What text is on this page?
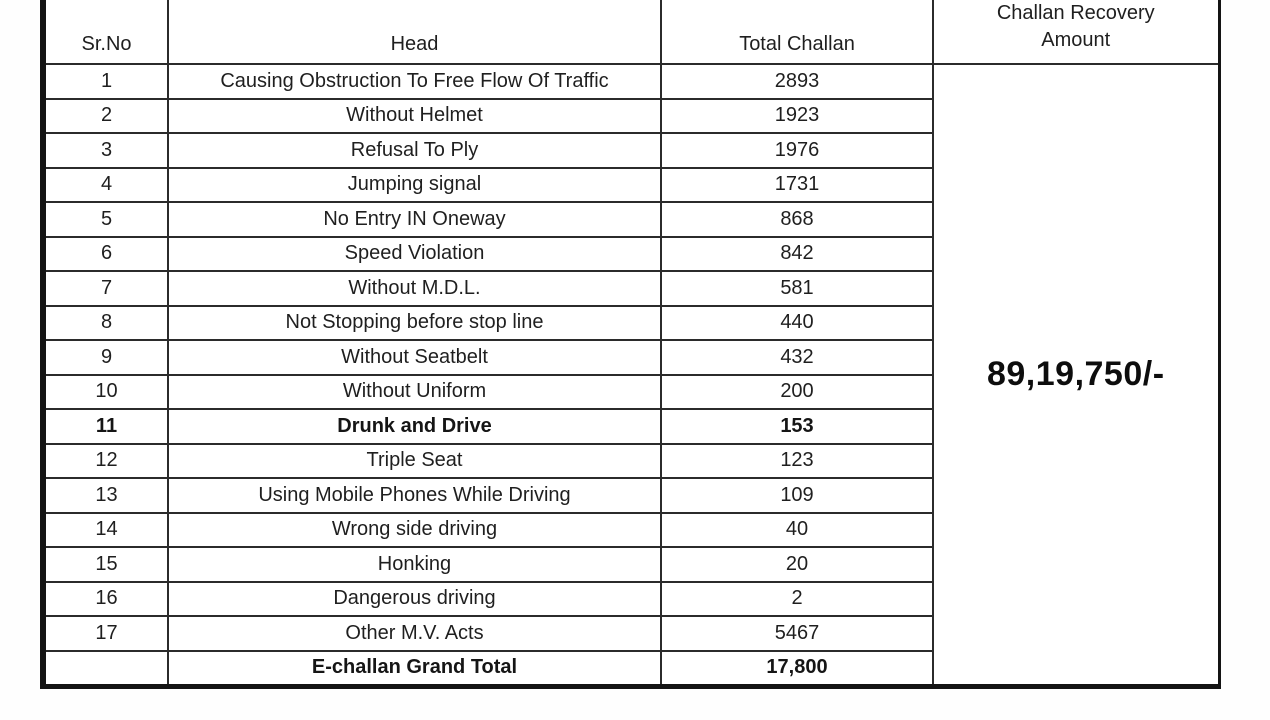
Sr.No	Head	Total Challan	Challan Recovery
Amount

1	Causing Obstruction To Free Flow Of Traffic	2893	89,19,750/-
2	Without Helmet	1923	
3	Refusal To Ply	1976	
4	Jumping signal	1731	
5	No Entry IN Oneway	868	
6	Speed Violation	842	
7	Without M.D.L.	581	
8	Not Stopping before stop line	440	
9	Without Seatbelt	432	
10	Without Uniform	200	
11	Drunk and Drive	153	
12	Triple Seat	123	
13	Using Mobile Phones While Driving	109	
14	Wrong side driving	40	
15	Honking	20	
16	Dangerous driving	2	
17	Other M.V. Acts	5467	
	E-challan Grand Total	17,800	
